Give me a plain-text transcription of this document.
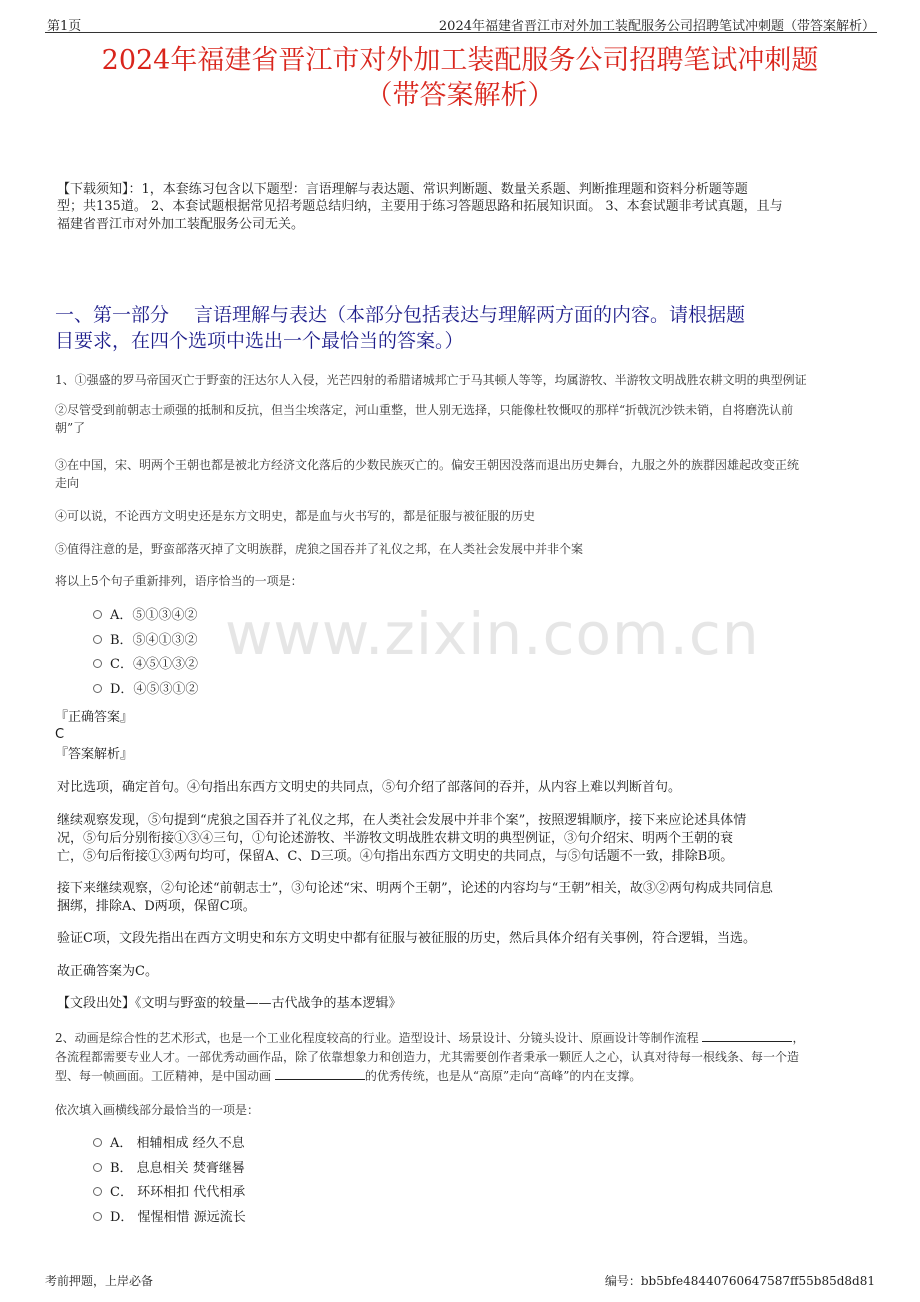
第1页	2024年福建省晋江市对外加工装配服务公司招聘笔试冲刺题（带答案解析）
www.zixin.com.cn
2024年福建省晋江市对外加工装配服务公司招聘笔试冲刺题
（带答案解析）
【下载须知】：1，本套练习包含以下题型：言语理解与表达题、常识判断题、数量关系题、判断推理题和资料分析题等题
型；共135道。 2、本套试题根据常见招考题总结归纳，主要用于练习答题思路和拓展知识面。 3、本套试题非考试真题，且与
福建省晋江市对外加工装配服务公司无关。
一、第一部分　 言语理解与表达（本部分包括表达与理解两方面的内容。请根据题
目要求，在四个选项中选出一个最恰当的答案。）
1、①强盛的罗马帝国灭亡于野蛮的汪达尔人入侵，光芒四射的希腊诸城邦亡于马其顿人等等，均属游牧、半游牧文明战胜农耕文明的典型例证
②尽管受到前朝志士顽强的抵制和反抗，但当尘埃落定，河山重整，世人别无选择，只能像杜牧慨叹的那样“折戟沉沙铁未销，自将磨洗认前
朝”了
③在中国，宋、明两个王朝也都是被北方经济文化落后的少数民族灭亡的。偏安王朝因没落而退出历史舞台，九服之外的族群因雄起改变正统
走向
④可以说，不论西方文明史还是东方文明史，都是血与火书写的，都是征服与被征服的历史
⑤值得注意的是，野蛮部落灭掉了文明族群，虎狼之国吞并了礼仪之邦，在人类社会发展中并非个案
将以上5个句子重新排列，语序恰当的一项是：
A．⑤①③④②
B．⑤④①③②
C．④⑤①③②
D．④⑤③①②
『正确答案』
C
『答案解析』
对比选项，确定首句。④句指出东西方文明史的共同点，⑤句介绍了部落间的吞并，从内容上难以判断首句。
继续观察发现，⑤句提到“虎狼之国吞并了礼仪之邦，在人类社会发展中并非个案”，按照逻辑顺序，接下来应论述具体情
况，⑤句后分别衔接①③④三句，①句论述游牧、半游牧文明战胜农耕文明的典型例证，③句介绍宋、明两个王朝的衰
亡，⑤句后衔接①③两句均可，保留A、C、D三项。④句指出东西方文明史的共同点，与⑤句话题不一致，排除B项。
接下来继续观察，②句论述“前朝志士”，③句论述“宋、明两个王朝”，论述的内容均与“王朝”相关，故③②两句构成共同信息
捆绑，排除A、D两项，保留C项。
验证C项，文段先指出在西方文明史和东方文明史中都有征服与被征服的历史，然后具体介绍有关事例，符合逻辑，当选。
故正确答案为C。
【文段出处】《文明与野蛮的较量——古代战争的基本逻辑》
2、动画是综合性的艺术形式，也是一个工业化程度较高的行业。造型设计、场景设计、分镜头设计、原画设计等制作流程	，
各流程都需要专业人才。一部优秀动画作品，除了依靠想象力和创造力，尤其需要创作者秉承一颗匠人之心，认真对待每一根线条、每一个造
型、每一帧画面。工匠精神，是中国动画	的优秀传统，也是从“高原”走向“高峰”的内在支撑。
依次填入画横线部分最恰当的一项是：
A． 相辅相成 经久不息
B． 息息相关 焚膏继晷
C． 环环相扣 代代相承
D． 惺惺相惜 源远流长
考前押题，上岸必备	编号：bb5bfe48440760647587ff55b85d8d81
